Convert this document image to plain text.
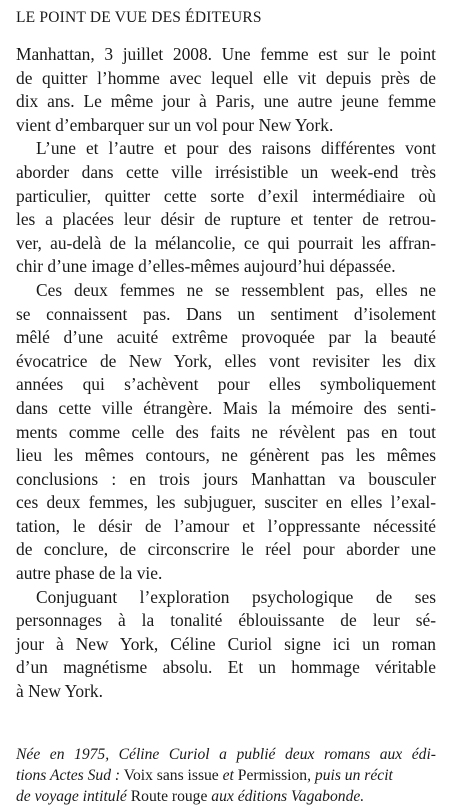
LE POINT DE VUE DES ÉDITEURS
Manhattan, 3 juillet 2008. Une femme est sur le point
de quitter l’homme avec lequel elle vit depuis près de
dix ans. Le même jour à Paris, une autre jeune femme
vient d’embarquer sur un vol pour New York.
L’une et l’autre et pour des raisons différentes vont
aborder dans cette ville irrésistible un week-end très
particulier, quitter cette sorte d’exil intermédiaire où
les a placées leur désir de rupture et tenter de retrou-
ver, au-delà de la mélancolie, ce qui pourrait les affran-
chir d’une image d’elles-mêmes aujourd’hui dépassée.
Ces deux femmes ne se ressemblent pas, elles ne
se connaissent pas. Dans un sentiment d’isolement
mêlé d’une acuité extrême provoquée par la beauté
évocatrice de New York, elles vont revisiter les dix
années qui s’achèvent pour elles symboliquement
dans cette ville étrangère. Mais la mémoire des senti-
ments comme celle des faits ne révèlent pas en tout
lieu les mêmes contours, ne génèrent pas les mêmes
conclusions : en trois jours Manhattan va bousculer
ces deux femmes, les subjuguer, susciter en elles l’exal-
tation, le désir de l’amour et l’oppressante nécessité
de conclure, de circonscrire le réel pour aborder une
autre phase de la vie.
Conjuguant l’exploration psychologique de ses
personnages à la tonalité éblouissante de leur sé-
jour à New York, Céline Curiol signe ici un roman
d’un magnétisme absolu. Et un hommage véritable
à New York.
Née en 1975, Céline Curiol a publié deux romans aux édi-
tions Actes Sud : Voix sans issue et Permission, puis un récit
de voyage intitulé Route rouge aux éditions Vagabonde.
